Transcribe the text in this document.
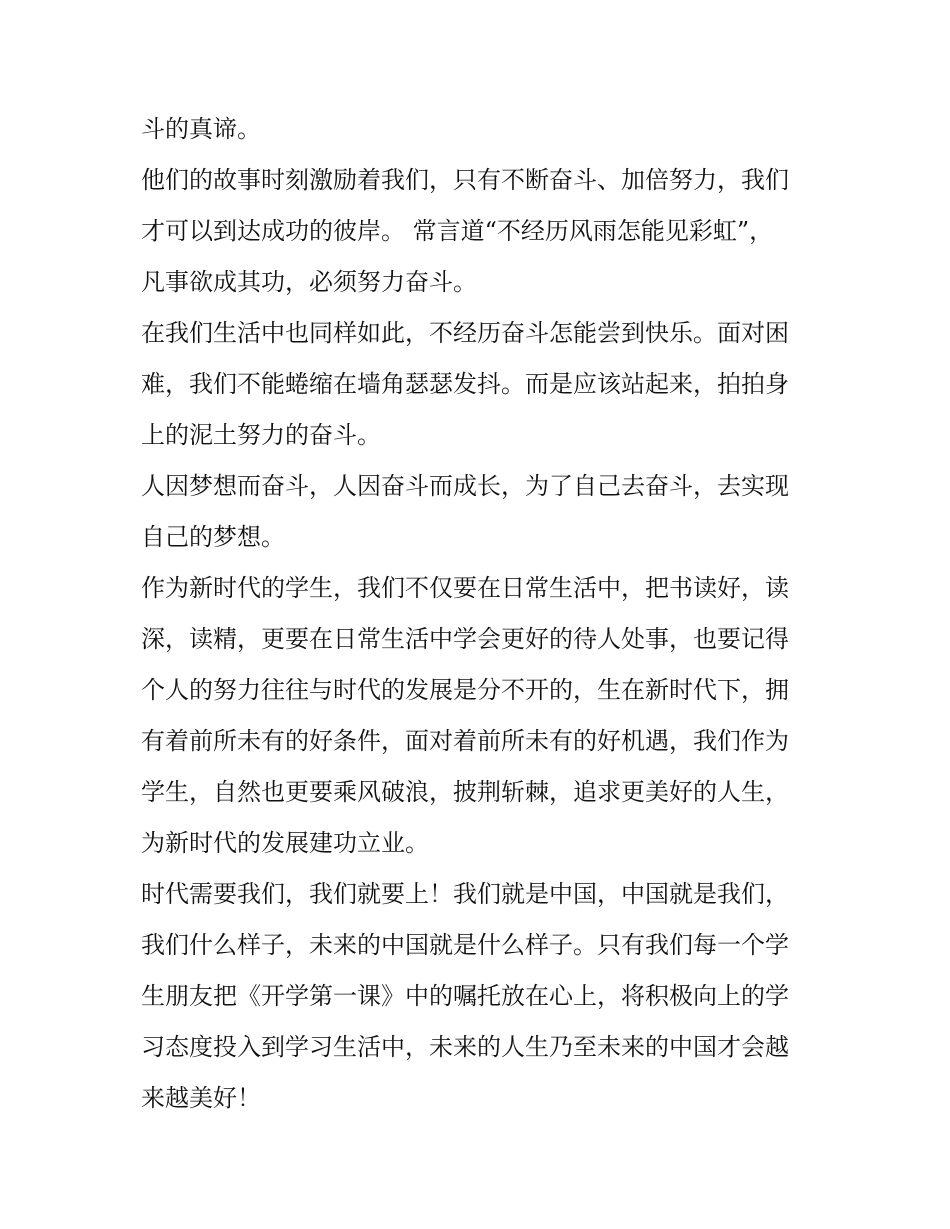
斗的真谛。
他们的故事时刻激励着我们，只有不断奋斗、加倍努力，我们
才可以到达成功的彼岸。 常言道“不经历风雨怎能见彩虹”，
凡事欲成其功，必须努力奋斗。
在我们生活中也同样如此，不经历奋斗怎能尝到快乐。面对困
难，我们不能蜷缩在墙角瑟瑟发抖。而是应该站起来，拍拍身
上的泥土努力的奋斗。
人因梦想而奋斗，人因奋斗而成长，为了自己去奋斗，去实现
自己的梦想。
作为新时代的学生，我们不仅要在日常生活中，把书读好，读
深，读精，更要在日常生活中学会更好的待人处事，也要记得
个人的努力往往与时代的发展是分不开的，生在新时代下，拥
有着前所未有的好条件，面对着前所未有的好机遇，我们作为
学生，自然也更要乘风破浪，披荆斩棘，追求更美好的人生，
为新时代的发展建功立业。
时代需要我们，我们就要上！我们就是中国，中国就是我们，
我们什么样子，未来的中国就是什么样子。只有我们每一个学
生朋友把《开学第一课》中的嘱托放在心上，将积极向上的学
习态度投入到学习生活中，未来的人生乃至未来的中国才会越
来越美好！
